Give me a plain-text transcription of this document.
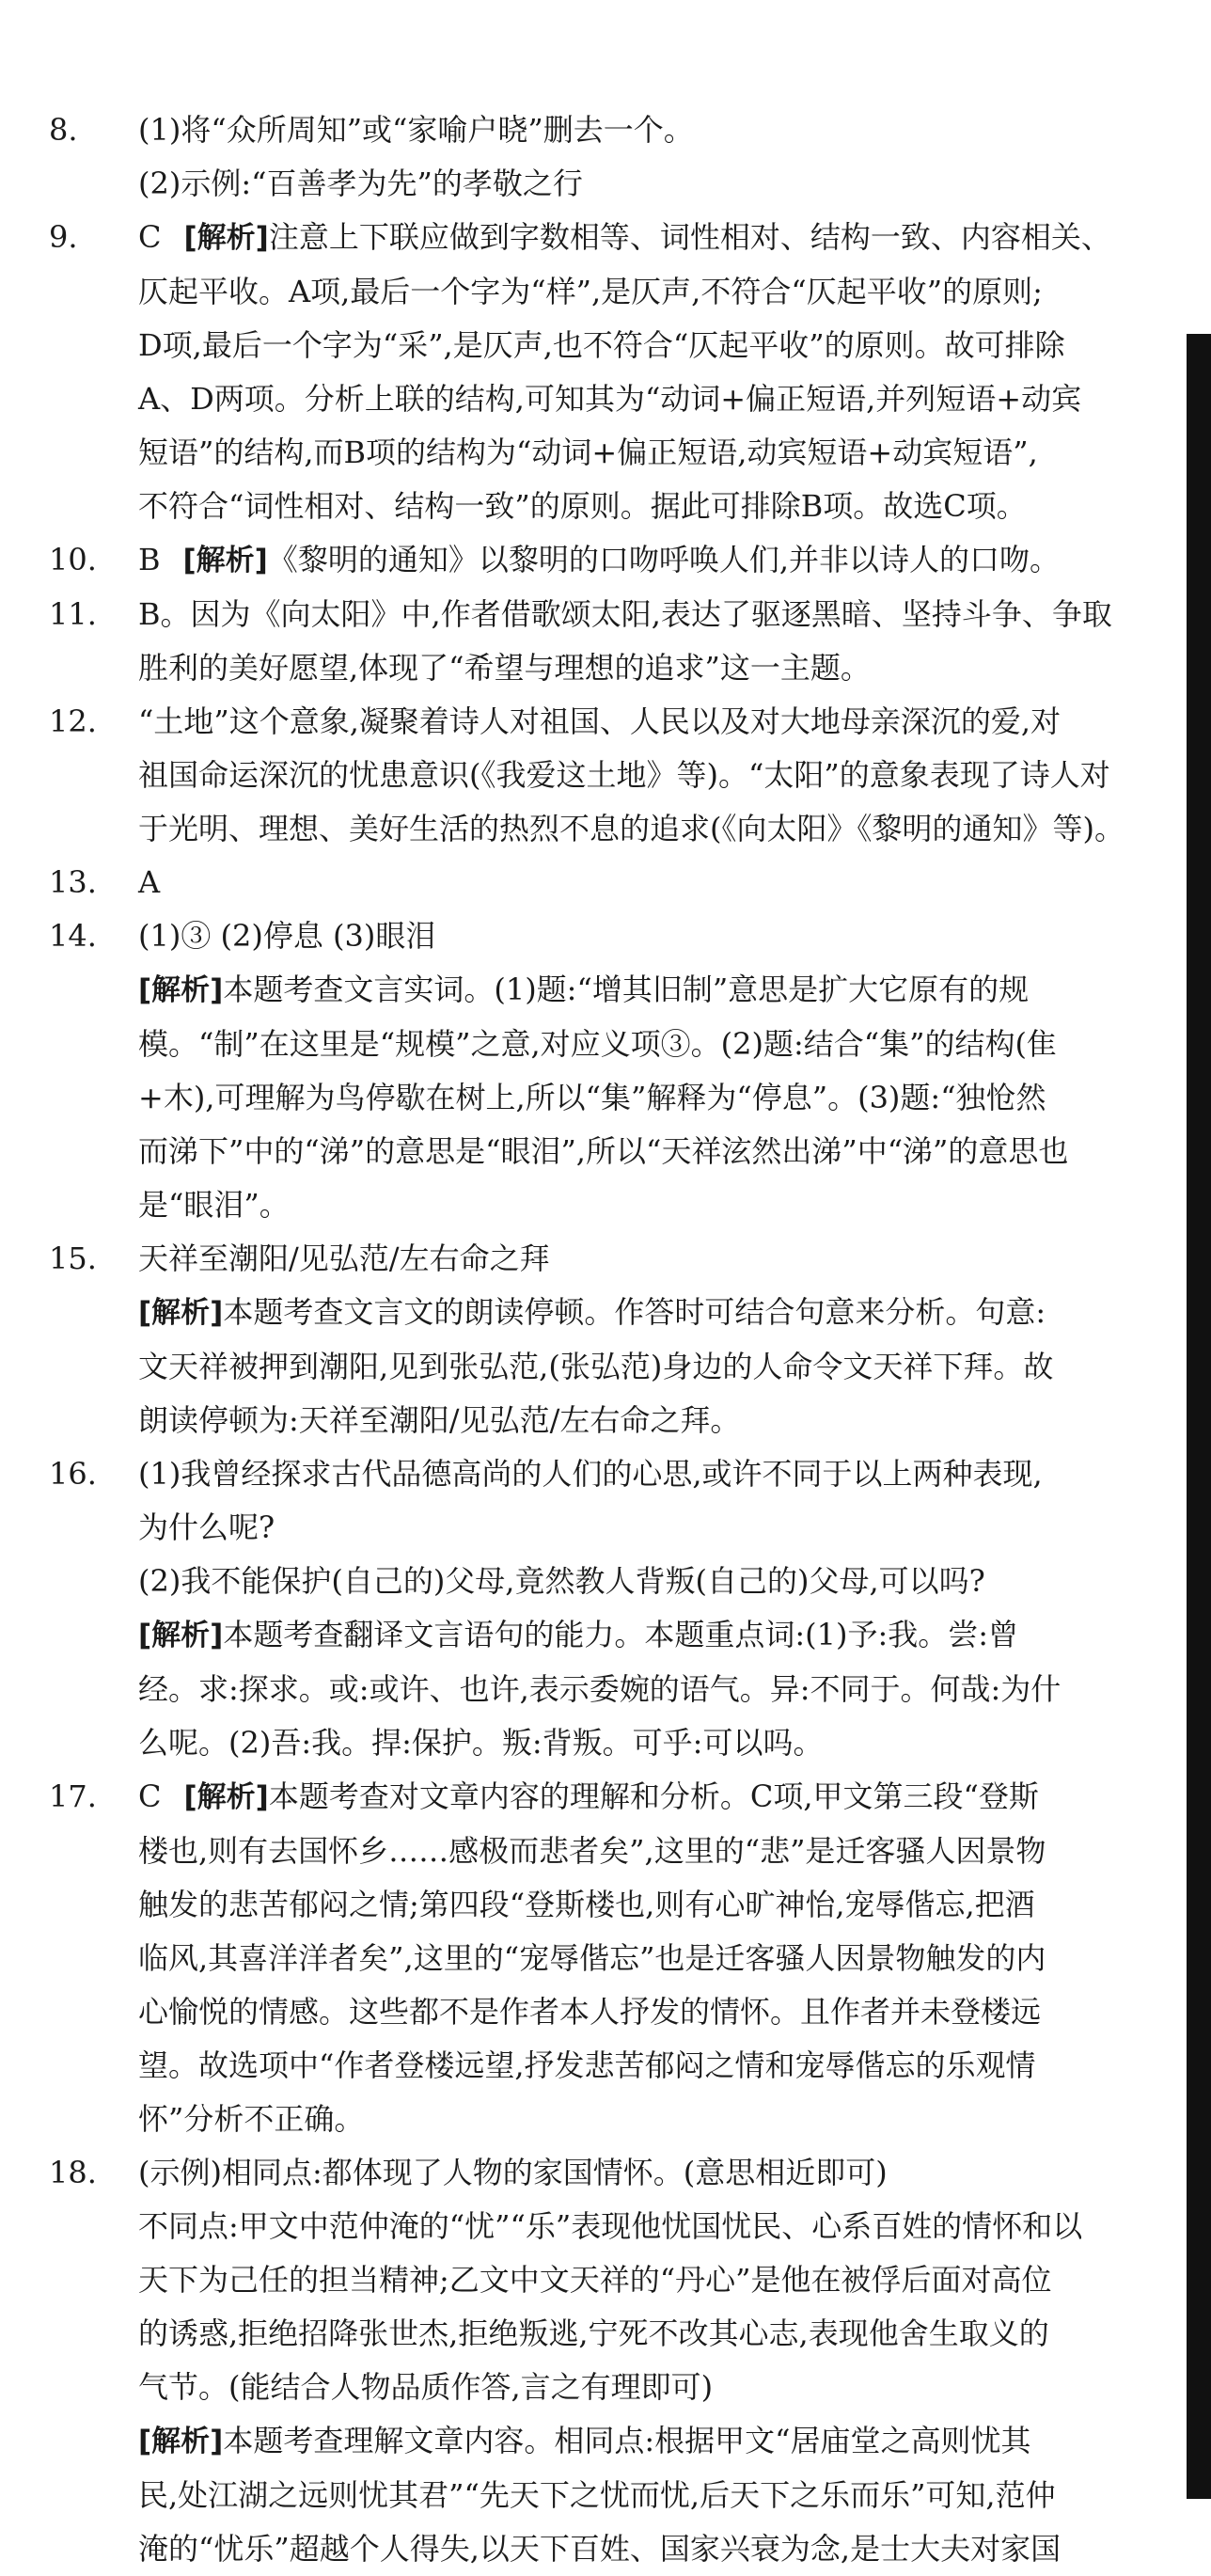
8. (1)将“众所周知”或“家喻户晓”删去一个。
(2)示例:“百善孝为先”的孝敬之行
9. C [解析]注意上下联应做到字数相等、词性相对、结构一致、内容相关、
仄起平收。A项,最后一个字为“样”,是仄声,不符合“仄起平收”的原则;
D项,最后一个字为“采”,是仄声,也不符合“仄起平收”的原则。故可排除
A、D两项。分析上联的结构,可知其为“动词+偏正短语,并列短语+动宾
短语”的结构,而B项的结构为“动词+偏正短语,动宾短语+动宾短语”,
不符合“词性相对、结构一致”的原则。据此可排除B项。故选C项。
10. B [解析]《黎明的通知》以黎明的口吻呼唤人们,并非以诗人的口吻。
11. B。因为《向太阳》中,作者借歌颂太阳,表达了驱逐黑暗、坚持斗争、争取
胜利的美好愿望,体现了“希望与理想的追求”这一主题。
12. “土地”这个意象,凝聚着诗人对祖国、人民以及对大地母亲深沉的爱,对
祖国命运深沉的忧患意识(《我爱这土地》等)。“太阳”的意象表现了诗人对
于光明、理想、美好生活的热烈不息的追求(《向太阳》《黎明的通知》等)。
13. A
14. (1)③ (2)停息 (3)眼泪
[解析]本题考查文言实词。(1)题:“增其旧制”意思是扩大它原有的规
模。“制”在这里是“规模”之意,对应义项③。(2)题:结合“集”的结构(隹
+木),可理解为鸟停歇在树上,所以“集”解释为“停息”。(3)题:“独怆然
而涕下”中的“涕”的意思是“眼泪”,所以“天祥泫然出涕”中“涕”的意思也
是“眼泪”。
15. 天祥至潮阳/见弘范/左右命之拜
[解析]本题考查文言文的朗读停顿。作答时可结合句意来分析。句意:
文天祥被押到潮阳,见到张弘范,(张弘范)身边的人命令文天祥下拜。故
朗读停顿为:天祥至潮阳/见弘范/左右命之拜。
16. (1)我曾经探求古代品德高尚的人们的心思,或许不同于以上两种表现,
为什么呢?
(2)我不能保护(自己的)父母,竟然教人背叛(自己的)父母,可以吗?
[解析]本题考查翻译文言语句的能力。本题重点词:(1)予:我。尝:曾
经。求:探求。或:或许、也许,表示委婉的语气。异:不同于。何哉:为什
么呢。(2)吾:我。捍:保护。叛:背叛。可乎:可以吗。
17. C [解析]本题考查对文章内容的理解和分析。C项,甲文第三段“登斯
楼也,则有去国怀乡……感极而悲者矣”,这里的“悲”是迁客骚人因景物
触发的悲苦郁闷之情;第四段“登斯楼也,则有心旷神怡,宠辱偕忘,把酒
临风,其喜洋洋者矣”,这里的“宠辱偕忘”也是迁客骚人因景物触发的内
心愉悦的情感。这些都不是作者本人抒发的情怀。且作者并未登楼远
望。故选项中“作者登楼远望,抒发悲苦郁闷之情和宠辱偕忘的乐观情
怀”分析不正确。
18. (示例)相同点:都体现了人物的家国情怀。(意思相近即可)
不同点:甲文中范仲淹的“忧”“乐”表现他忧国忧民、心系百姓的情怀和以
天下为己任的担当精神;乙文中文天祥的“丹心”是他在被俘后面对高位
的诱惑,拒绝招降张世杰,拒绝叛逃,宁死不改其心志,表现他舍生取义的
气节。(能结合人物品质作答,言之有理即可)
[解析]本题考查理解文章内容。相同点:根据甲文“居庙堂之高则忧其
民,处江湖之远则忧其君”“先天下之忧而忧,后天下之乐而乐”可知,范仲
淹的“忧乐”超越个人得失,以天下百姓、国家兴衰为念,是士大夫对家国
